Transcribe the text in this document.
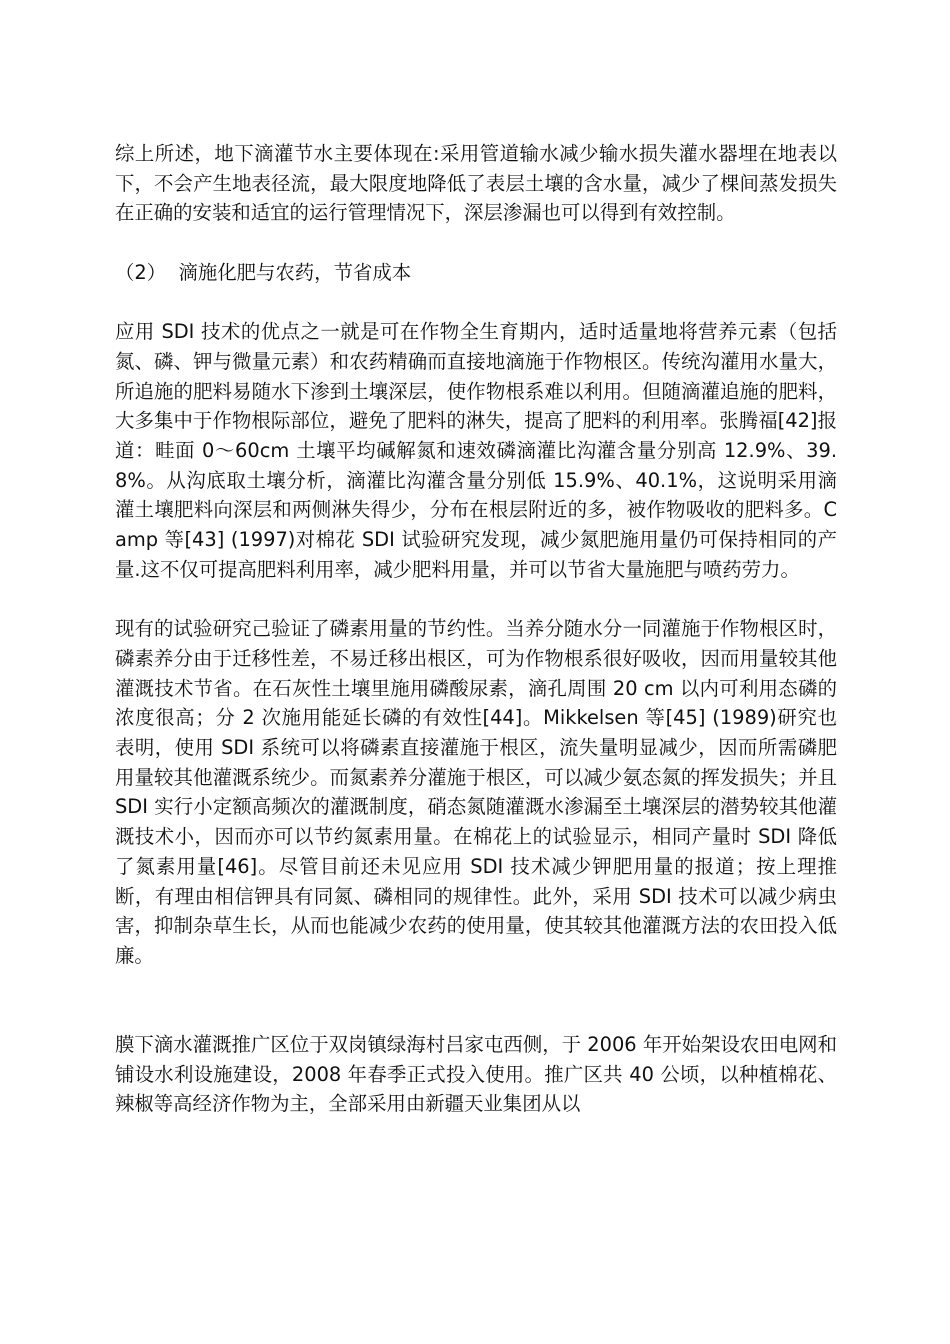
综上所述，地下滴灌节水主要体现在:采用管道输水减少输水损失灌水器埋在地表以下，不会产生地表径流，最大限度地降低了表层土壤的含水量，减少了棵间蒸发损失在正确的安装和适宜的运行管理情况下，深层渗漏也可以得到有效控制。

（2）  滴施化肥与农药，节省成本

应用 SDI 技术的优点之一就是可在作物全生育期内，适时适量地将营养元素（包括氮、磷、钾与微量元素）和农药精确而直接地滴施于作物根区。传统沟灌用水量大，所追施的肥料易随水下渗到土壤深层，使作物根系难以利用。但随滴灌追施的肥料，大多集中于作物根际部位，避免了肥料的淋失，提高了肥料的利用率。张腾福[42]报道：畦面 0～60cm 土壤平均碱解氮和速效磷滴灌比沟灌含量分别高 12.9%、39.8%。从沟底取土壤分析，滴灌比沟灌含量分别低 15.9%、40.1%，这说明采用滴灌土壤肥料向深层和两侧淋失得少，分布在根层附近的多，被作物吸收的肥料多。Camp 等[43] (1997)对棉花 SDI 试验研究发现，减少氮肥施用量仍可保持相同的产量.这不仅可提高肥料利用率，减少肥料用量，并可以节省大量施肥与喷药劳力。

现有的试验研究己验证了磷素用量的节约性。当养分随水分一同灌施于作物根区时，磷素养分由于迁移性差，不易迁移出根区，可为作物根系很好吸收，因而用量较其他灌溉技术节省。在石灰性土壤里施用磷酸尿素，滴孔周围 20 cm 以内可利用态磷的浓度很高；分 2 次施用能延长磷的有效性[44]。Mikkelsen 等[45] (1989)研究也表明，使用 SDI 系统可以将磷素直接灌施于根区，流失量明显减少，因而所需磷肥用量较其他灌溉系统少。而氮素养分灌施于根区，可以减少氨态氮的挥发损失；并且 SDI 实行小定额高频次的灌溉制度，硝态氮随灌溉水渗漏至土壤深层的潜势较其他灌溉技术小，因而亦可以节约氮素用量。在棉花上的试验显示，相同产量时 SDI 降低了氮素用量[46]。尽管目前还未见应用 SDI 技术减少钾肥用量的报道；按上理推断，有理由相信钾具有同氮、磷相同的规律性。此外，采用 SDI 技术可以减少病虫害，抑制杂草生长，从而也能减少农药的使用量，使其较其他灌溉方法的农田投入低廉。

膜下滴水灌溉推广区位于双岗镇绿海村吕家屯西侧，于 2006 年开始架设农田电网和铺设水利设施建设，2008 年春季正式投入使用。推广区共 40 公顷，以种植棉花、辣椒等高经济作物为主，全部采用由新疆天业集团从以
